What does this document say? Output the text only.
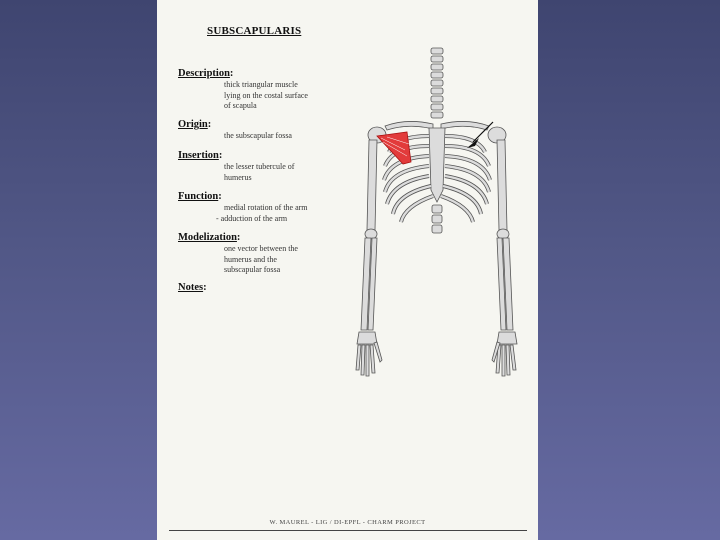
SUBSCAPULARIS
Description:
thick triangular muscle
lying on the costal surface
of scapula
Origin:
the subscapular fossa
Insertion:
the lesser tubercule of
humerus
Function:
medial rotation of the arm
- adduction of the arm
Modelization:
one vector between the
humerus and the
subscapular fossa
Notes:
W. MAUREL - LIG / DI-EPFL - CHARM PROJECT
